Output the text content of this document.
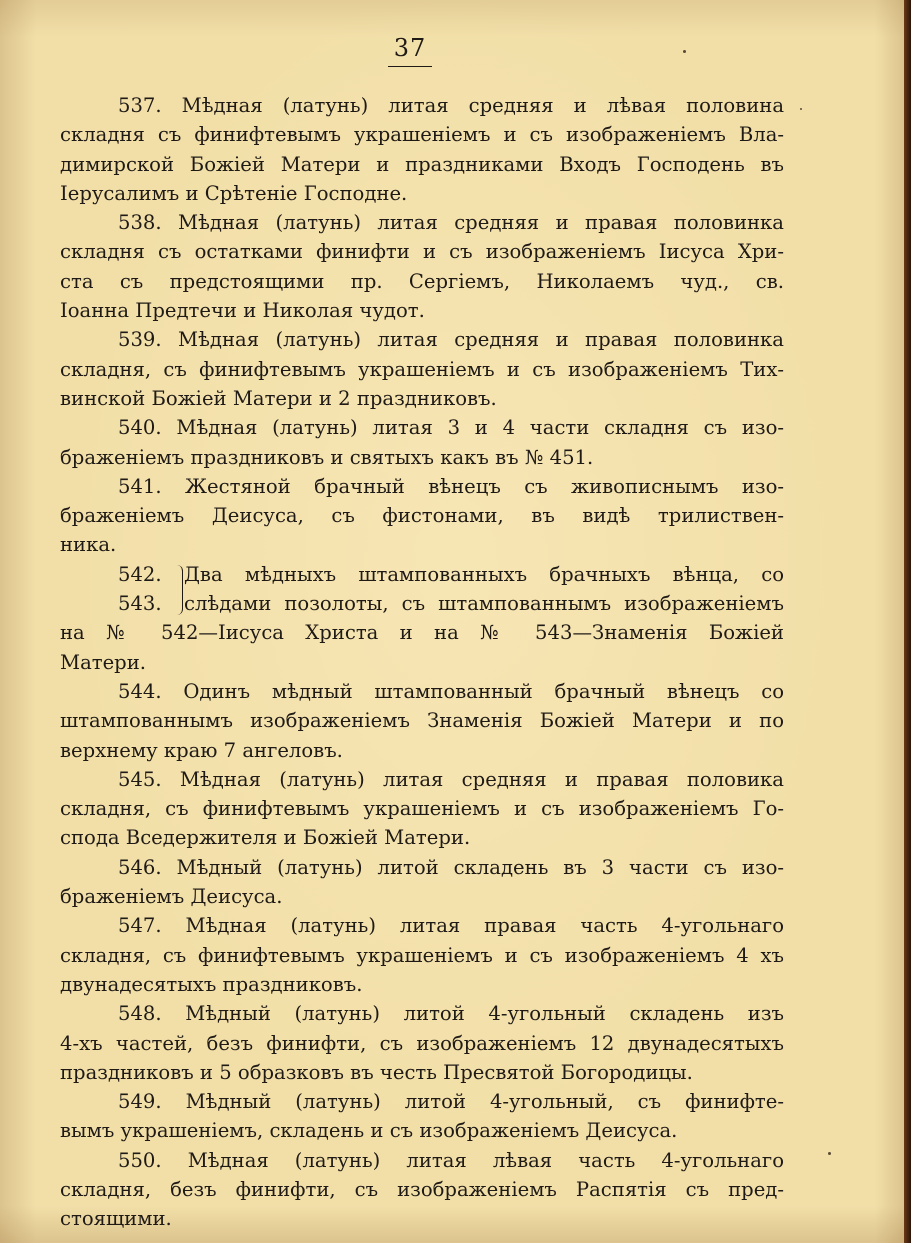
37
537. Мѣдная (латунь) литая средняя и лѣвая половина
складня съ финифтевымъ украшенiемъ и съ изображенiемъ Вла-
димирской Божiей Матери и праздниками Входъ Господень въ
Iерусалимъ и Срѣтенiе Господне.
538. Мѣдная (латунь) литая средняя и правая половинка
складня съ остатками финифти и съ изображенiемъ Iисуса Хри-
ста съ предстоящими пр. Сергiемъ, Николаемъ чуд., св.
Iоанна Предтечи и Николая чудот.
539. Мѣдная (латунь) литая средняя и правая половинка
складня, съ финифтевымъ украшенiемъ и съ изображенiемъ Тих-
винской Божiей Матери и 2 праздниковъ.
540. Мѣдная (латунь) литая 3 и 4 части складня съ изо-
браженiемъ праздниковъ и святыхъ какъ въ № 451.
541. Жестяной брачный вѣнецъ съ живописнымъ изо-
браженiемъ Деисуса, съ фистонами, въ видѣ трилиствен-
ника.
542. Два мѣдныхъ штампованныхъ брачныхъ вѣнца, со
543. слѣдами позолоты, съ штампованнымъ изображенiемъ
на № 542—Iисуса Христа и на № 543—Знаменiя Божiей
Матери.
544. Одинъ мѣдный штампованный брачный вѣнецъ со
штампованнымъ изображенiемъ Знаменiя Божiей Матери и по
верхнему краю 7 ангеловъ.
545. Мѣдная (латунь) литая средняя и правая половика
складня, съ финифтевымъ украшенiемъ и съ изображенiемъ Го-
спода Вседержителя и Божiей Матери.
546. Мѣдный (латунь) литой складень въ 3 части съ изо-
браженiемъ Деисуса.
547. Мѣдная (латунь) литая правая часть 4-угольнаго
складня, съ финифтевымъ украшенiемъ и съ изображенiемъ 4 хъ
двунадесятыхъ праздниковъ.
548. Мѣдный (латунь) литой 4-угольный складень изъ
4-хъ частей, безъ финифти, съ изображенiемъ 12 двунадесятыхъ
праздниковъ и 5 образковъ въ честь Пресвятой Богородицы.
549. Мѣдный (латунь) литой 4-угольный, съ финифте-
вымъ украшенiемъ, складень и съ изображенiемъ Деисуса.
550. Мѣдная (латунь) литая лѣвая часть 4-угольнаго
складня, безъ финифти, съ изображенiемъ Распятiя съ пред-
стоящими.
